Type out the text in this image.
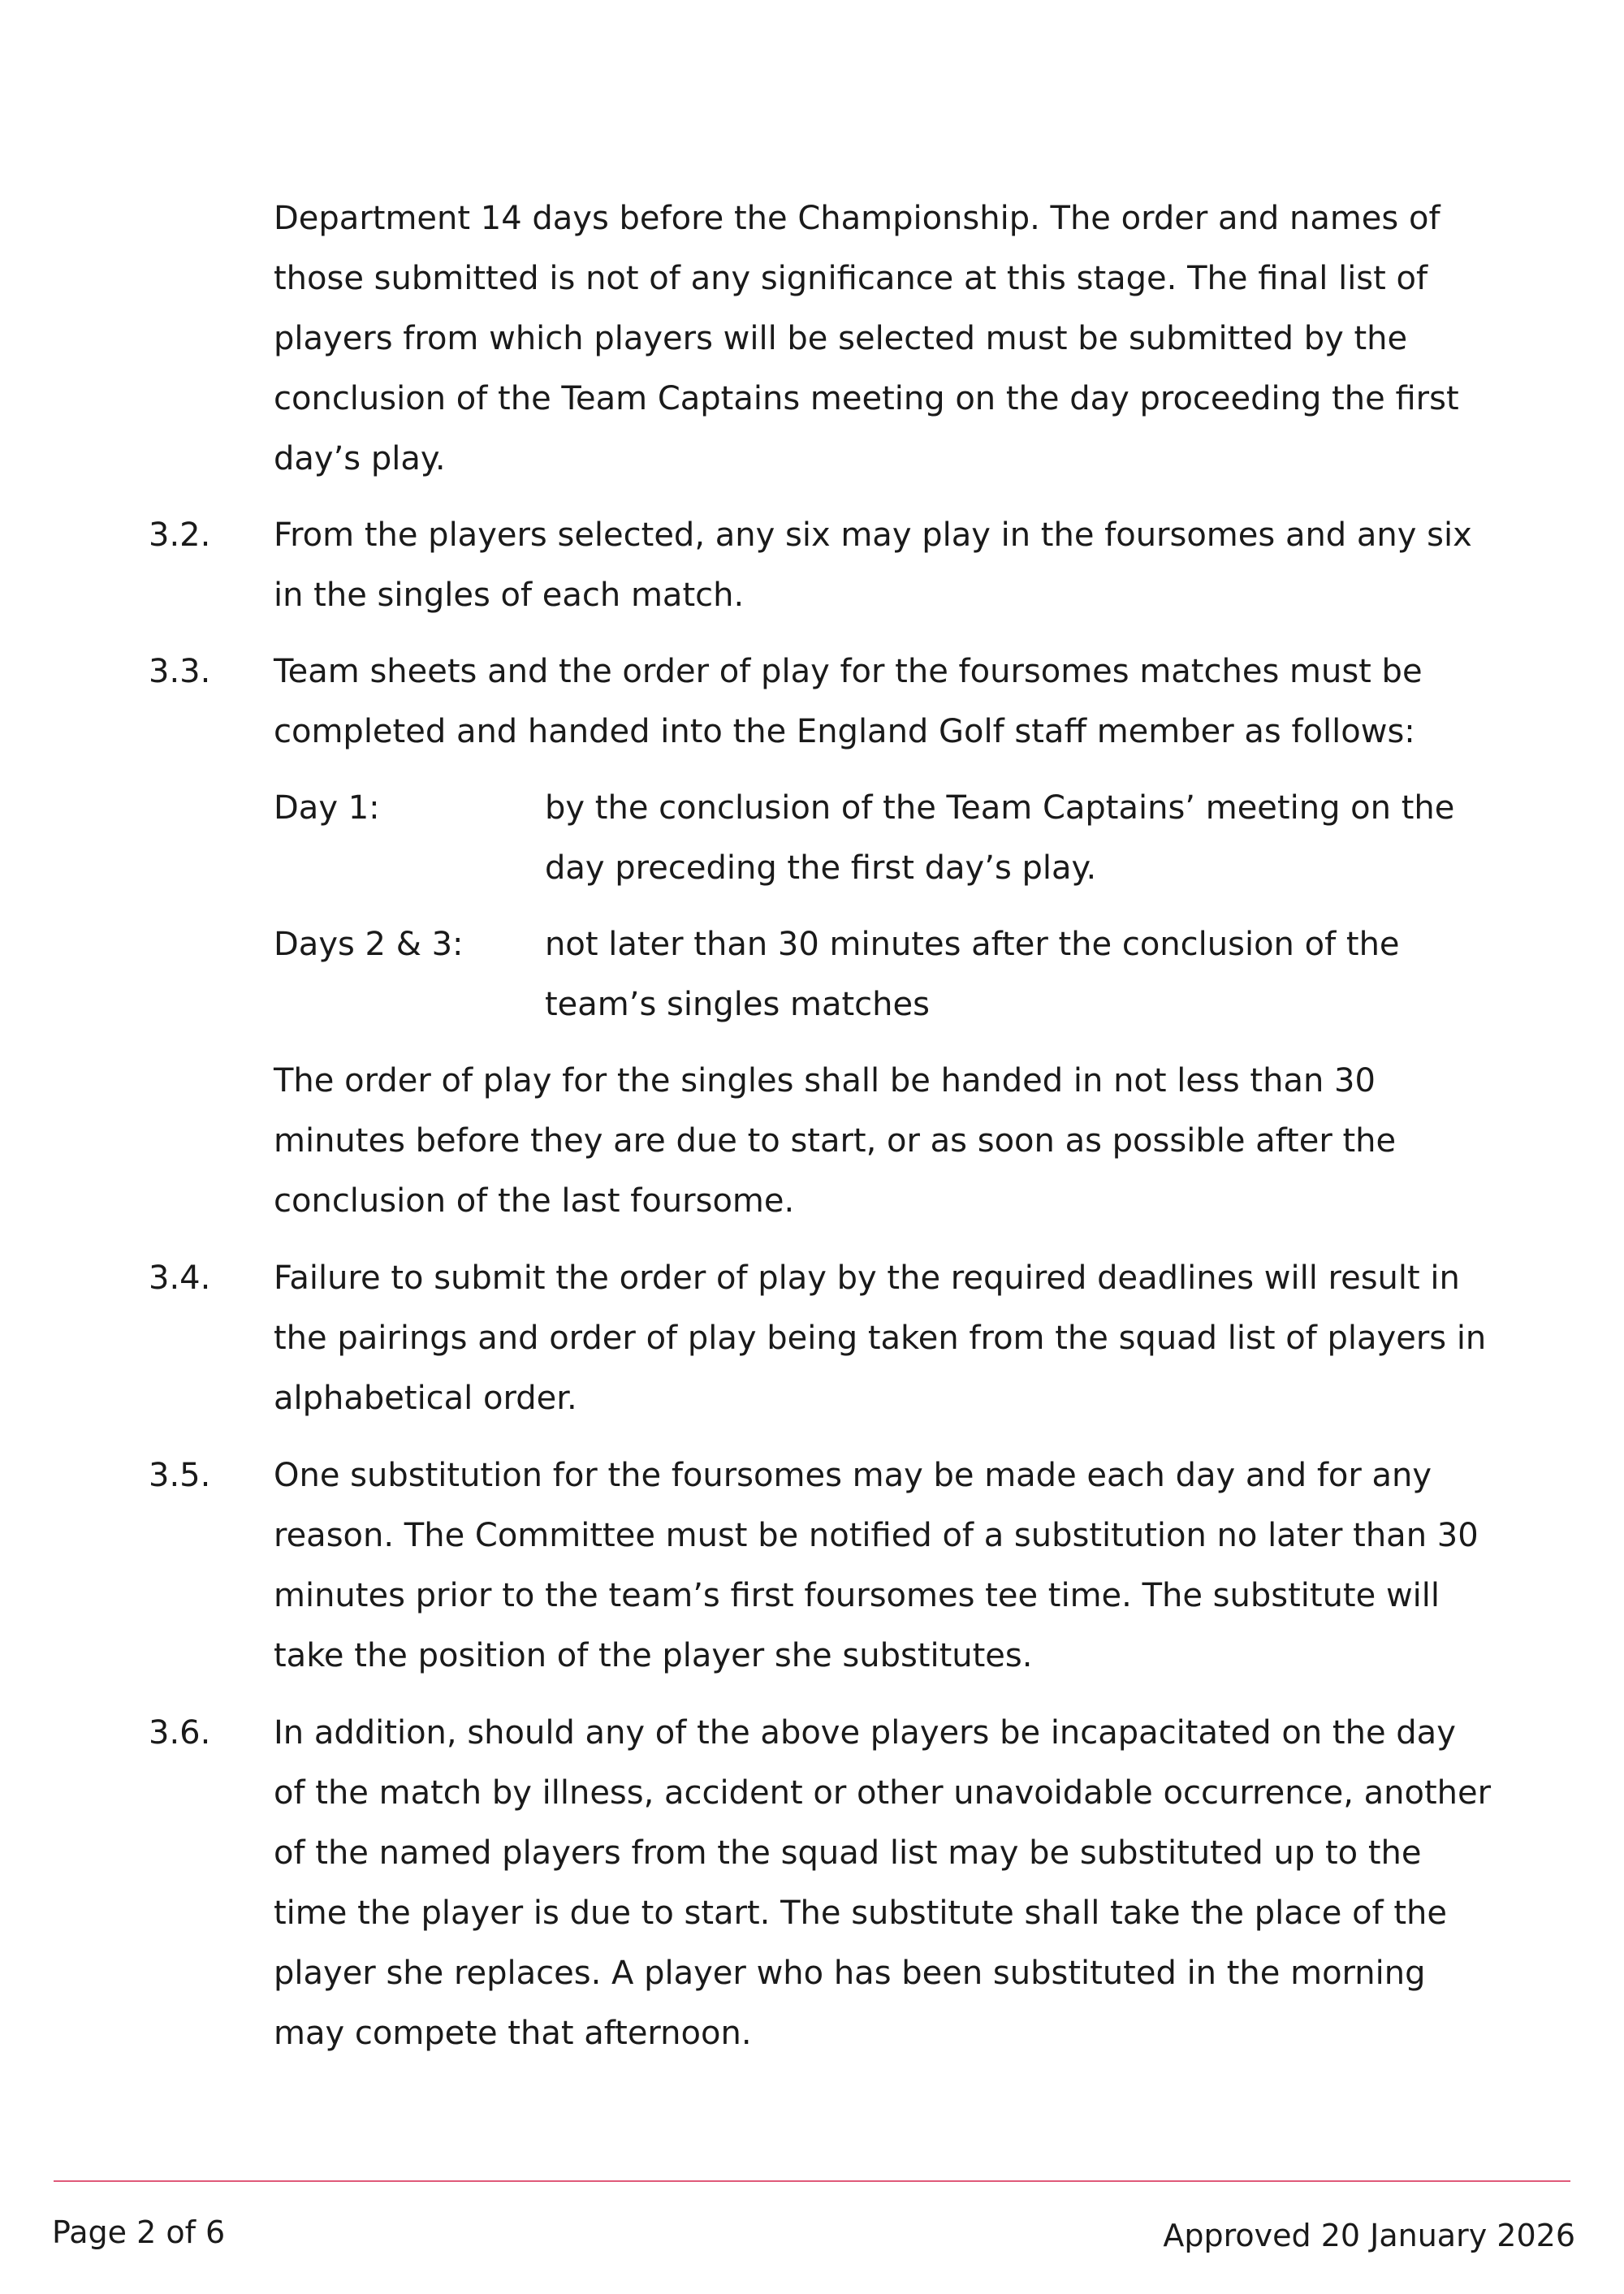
Department 14 days before the Championship. The order and names of those submitted is not of any significance at this stage. The final list of players from which players will be selected must be submitted by the conclusion of the Team Captains meeting on the day proceeding the first day’s play.

3.2. From the players selected, any six may play in the foursomes and any six in the singles of each match.

3.3. Team sheets and the order of play for the foursomes matches must be completed and handed into the England Golf staff member as follows:

Day 1:	by the conclusion of the Team Captains’ meeting on the day preceding the first day’s play.

Days 2 & 3:	not later than 30 minutes after the conclusion of the team’s singles matches

The order of play for the singles shall be handed in not less than 30 minutes before they are due to start, or as soon as possible after the conclusion of the last foursome.

3.4. Failure to submit the order of play by the required deadlines will result in the pairings and order of play being taken from the squad list of players in alphabetical order.

3.5. One substitution for the foursomes may be made each day and for any reason. The Committee must be notified of a substitution no later than 30 minutes prior to the team’s first foursomes tee time. The substitute will take the position of the player she substitutes.

3.6. In addition, should any of the above players be incapacitated on the day of the match by illness, accident or other unavoidable occurrence, another of the named players from the squad list may be substituted up to the time the player is due to start. The substitute shall take the place of the player she replaces. A player who has been substituted in the morning may compete that afternoon.

Page 2 of 6	Approved 20 January 2026
